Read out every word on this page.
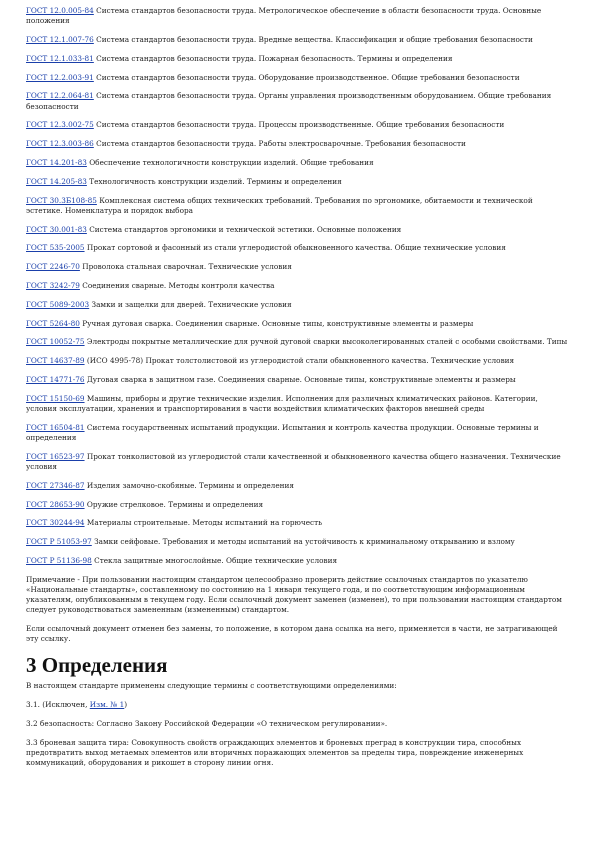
ГОСТ 12.0.005-84 Система стандартов безопасности труда. Метрологическое обеспечение в области безопасности труда. Основные положения

ГОСТ 12.1.007-76 Система стандартов безопасности труда. Вредные вещества. Классификация и общие требования безопасности

ГОСТ 12.1.033-81 Система стандартов безопасности труда. Пожарная безопасность. Термины и определения

ГОСТ 12.2.003-91 Система стандартов безопасности труда. Оборудование производственное. Общие требования безопасности

ГОСТ 12.2.064-81 Система стандартов безопасности труда. Органы управления производственным оборудованием. Общие требования безопасности

ГОСТ 12.3.002-75 Система стандартов безопасности труда. Процессы производственные. Общие требования безопасности

ГОСТ 12.3.003-86 Система стандартов безопасности труда. Работы электросварочные. Требования безопасности

ГОСТ 14.201-83 Обеспечение технологичности конструкции изделий. Общие требования

ГОСТ 14.205-83 Технологичность конструкции изделий. Термины и определения

ГОСТ 30.3Б108-85 Комплексная система общих технических требований. Требования по эргономике, обитаемости и технической эстетике. Номенклатура и порядок выбора

ГОСТ 30.001-83 Система стандартов эргономики и технической эстетики. Основные положения

ГОСТ 535-2005 Прокат сортовой и фасонный из стали углеродистой обыкновенного качества. Общие технические условия

ГОСТ 2246-70 Проволока стальная сварочная. Технические условия

ГОСТ 3242-79 Соединения сварные. Методы контроля качества

ГОСТ 5089-2003 Замки и защелки для дверей. Технические условия

ГОСТ 5264-80 Ручная дуговая сварка. Соединения сварные. Основные типы, конструктивные элементы и размеры

ГОСТ 10052-75 Электроды покрытые металлические для ручной дуговой сварки высоколегированных сталей с особыми свойствами. Типы

ГОСТ 14637-89 (ИСО 4995-78) Прокат толстолистовой из углеродистой стали обыкновенного качества. Технические условия

ГОСТ 14771-76 Дуговая сварка в защитном газе. Соединения сварные. Основные типы, конструктивные элементы и размеры

ГОСТ 15150-69 Машины, приборы и другие технические изделия. Исполнения для различных климатических районов. Категории, условия эксплуатации, хранения и транспортирования в части воздействия климатических факторов внешней среды

ГОСТ 16504-81 Система государственных испытаний продукции. Испытания и контроль качества продукции. Основные термины и определения

ГОСТ 16523-97 Прокат тонколистовой из углеродистой стали качественной и обыкновенного качества общего назначения. Технические условия

ГОСТ 27346-87 Изделия замочно-скобяные. Термины и определения

ГОСТ 28653-90 Оружие стрелковое. Термины и определения

ГОСТ 30244-94 Материалы строительные. Методы испытаний на горючесть

ГОСТ Р 51053-97 Замки сейфовые. Требования и методы испытаний на устойчивость к криминальному открыванию и взлому

ГОСТ Р 51136-98 Стекла защитные многослойные. Общие технические условия

Примечание - При пользовании настоящим стандартом целесообразно проверить действие ссылочных стандартов по указателю «Национальные стандарты», составленному по состоянию на 1 января текущего года, и по соответствующим информационным указателям, опубликованным в текущем году. Если ссылочный документ заменен (изменен), то при пользовании настоящим стандартом следует руководствоваться замененным (измененным) стандартом.

Если ссылочный документ отменен без замены, то положение, в котором дана ссылка на него, применяется в части, не затрагивающей эту ссылку.

3 Определения

В настоящем стандарте применены следующие термины с соответствующими определениями:

3.1. (Исключен, Изм. № 1)

3.2 безопасность: Согласно Закону Российской Федерации «О техническом регулировании».

3.3 броневая защита тира: Совокупность свойств ограждающих элементов и броневых преград в конструкции тира, способных предотвратить выход метаемых элементов или вторичных поражающих элементов за пределы тира, повреждение инженерных коммуникаций, оборудования и рикошет в сторону линии огня.
